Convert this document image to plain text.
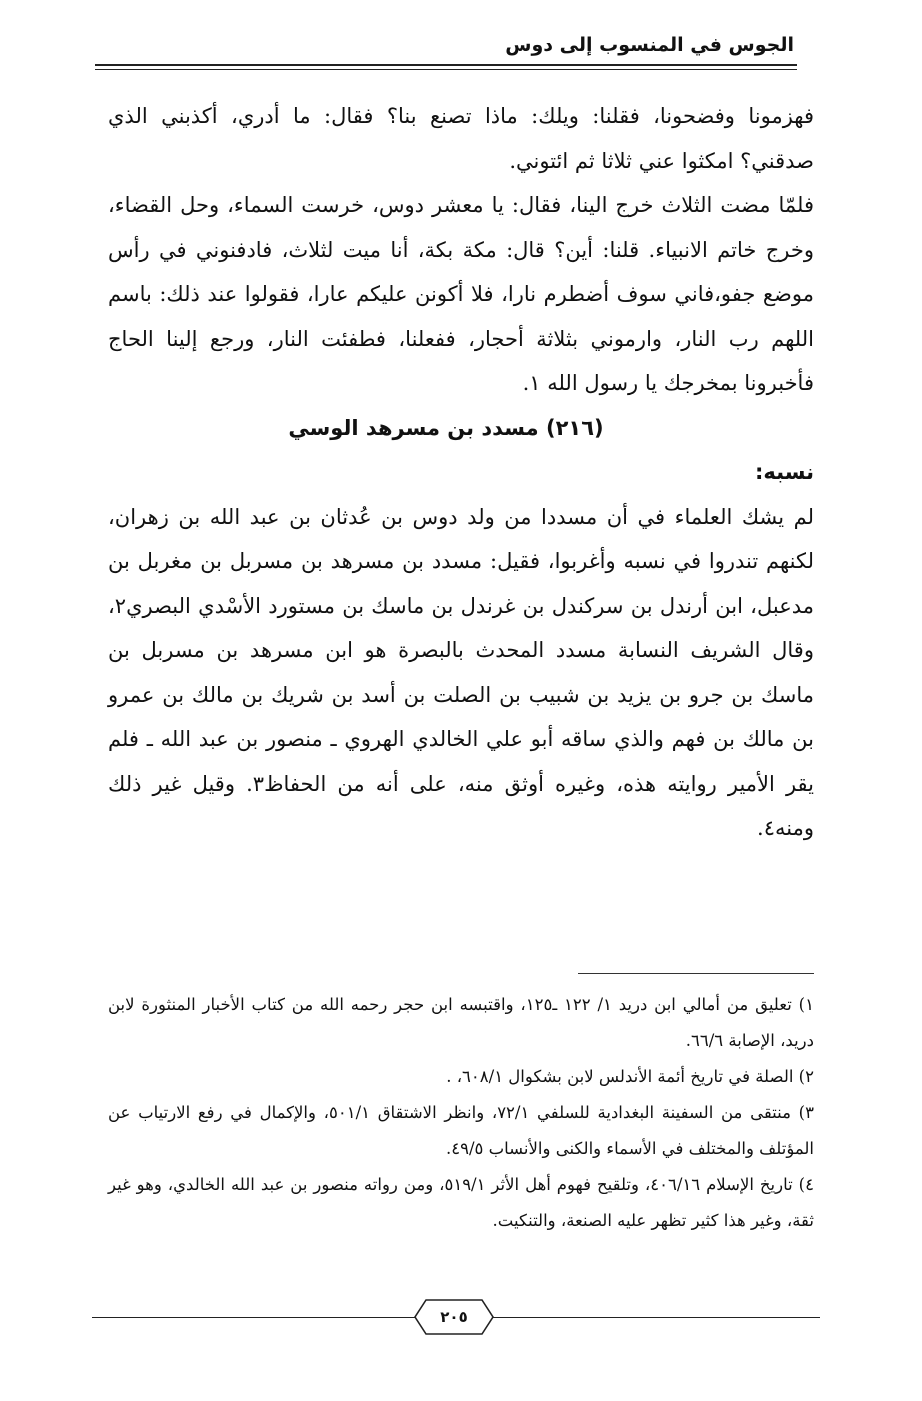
الجوس في المنسوب إلى دوس

فهزمونا وفضحونا، فقلنا: ويلك: ماذا تصنع بنا؟ فقال: ما أدري، أكذبني الذي صدقني؟ امكثوا عني ثلاثا ثم ائتوني.

فلمّا مضت الثلاث خرج الينا، فقال: يا معشر دوس، خرست السماء، وحل القضاء، وخرج خاتم الانبياء. قلنا: أين؟ قال: مكة بكة، أنا ميت لثلاث، فادفنوني في رأس موضع جفو،فاني سوف أضطرم نارا، فلا أكونن عليكم عارا، فقولوا عند ذلك: باسم اللهم رب النار، وارموني بثلاثة أحجار، ففعلنا، فطفئت النار، ورجع إلينا الحاج فأخبرونا بمخرجك يا رسول الله ١.

(٢١٦) مسدد بن مسرهد الوسي

نسبه:

لم يشك العلماء في أن مسددا من ولد دوس بن عُدثان بن عبد الله بن زهران، لكنهم تندروا في نسبه وأغربوا، فقيل: مسدد بن مسرهد بن مسربل بن مغربل بن مدعبل، ابن أرندل بن سركندل بن غرندل بن ماسك بن مستورد الأسْدي البصري٢، وقال الشريف النسابة مسدد المحدث بالبصرة هو ابن مسرهد بن مسربل بن ماسك بن جرو بن يزيد بن شبيب بن الصلت بن أسد بن شريك بن مالك بن عمرو بن مالك بن فهم والذي ساقه أبو علي الخالدي الهروي ـ منصور بن عبد الله ـ فلم يقر الأمير روايته هذه، وغيره أوثق منه، على أنه من الحفاظ٣. وقيل غير ذلك ومنه٤.

١) تعليق من أمالي ابن دريد ١/ ١٢٢ ـ١٢٥، واقتبسه ابن حجر رحمه الله من كتاب الأخبار المنثورة لابن دريد، الإصابة ٦٦/٦.

٢) الصلة في تاريخ أئمة الأندلس لابن بشكوال ٦٠٨/١، .

٣) منتقى من السفينة البغدادية للسلفي ٧٢/١، وانظر الاشتقاق ٥٠١/١، والإكمال في رفع الارتياب عن المؤتلف والمختلف في الأسماء والكنى والأنساب ٤٩/٥.

٤) تاريخ الإسلام ٤٠٦/١٦، وتلقيح فهوم أهل الأثر ٥١٩/١، ومن رواته منصور بن عبد الله الخالدي، وهو غير ثقة، وغير هذا كثير تظهر عليه الصنعة، والتنكيت.

٢٠٥
